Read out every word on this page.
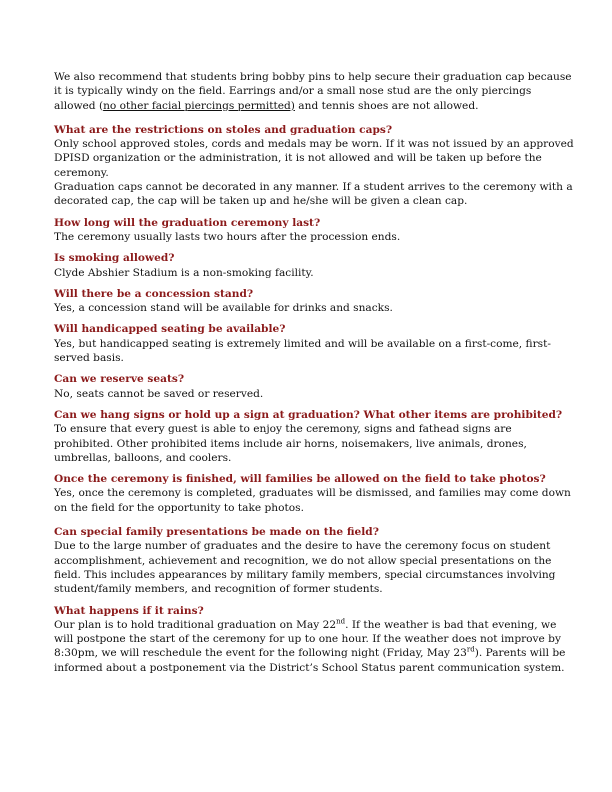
We also recommend that students bring bobby pins to help secure their graduation cap because it is typically windy on the field. Earrings and/or a small nose stud are the only piercings allowed (no other facial piercings permitted) and tennis shoes are not allowed.

What are the restrictions on stoles and graduation caps?

Only school approved stoles, cords and medals may be worn. If it was not issued by an approved DPISD organization or the administration, it is not allowed and will be taken up before the ceremony.

Graduation caps cannot be decorated in any manner. If a student arrives to the ceremony with a decorated cap, the cap will be taken up and he/she will be given a clean cap.

How long will the graduation ceremony last?

The ceremony usually lasts two hours after the procession ends.

Is smoking allowed?

Clyde Abshier Stadium is a non-smoking facility.

Will there be a concession stand?

Yes, a concession stand will be available for drinks and snacks.

Will handicapped seating be available?

Yes, but handicapped seating is extremely limited and will be available on a first-come, first-served basis.

Can we reserve seats?

No, seats cannot be saved or reserved.

Can we hang signs or hold up a sign at graduation? What other items are prohibited?

To ensure that every guest is able to enjoy the ceremony, signs and fathead signs are prohibited. Other prohibited items include air horns, noisemakers, live animals, drones, umbrellas, balloons, and coolers.

Once the ceremony is finished, will families be allowed on the field to take photos?

Yes, once the ceremony is completed, graduates will be dismissed, and families may come down on the field for the opportunity to take photos.

Can special family presentations be made on the field?

Due to the large number of graduates and the desire to have the ceremony focus on student accomplishment, achievement and recognition, we do not allow special presentations on the field. This includes appearances by military family members, special circumstances involving student/family members, and recognition of former students.

What happens if it rains?

Our plan is to hold traditional graduation on May 22nd. If the weather is bad that evening, we will postpone the start of the ceremony for up to one hour. If the weather does not improve by 8:30pm, we will reschedule the event for the following night (Friday, May 23rd). Parents will be informed about a postponement via the District’s School Status parent communication system.
